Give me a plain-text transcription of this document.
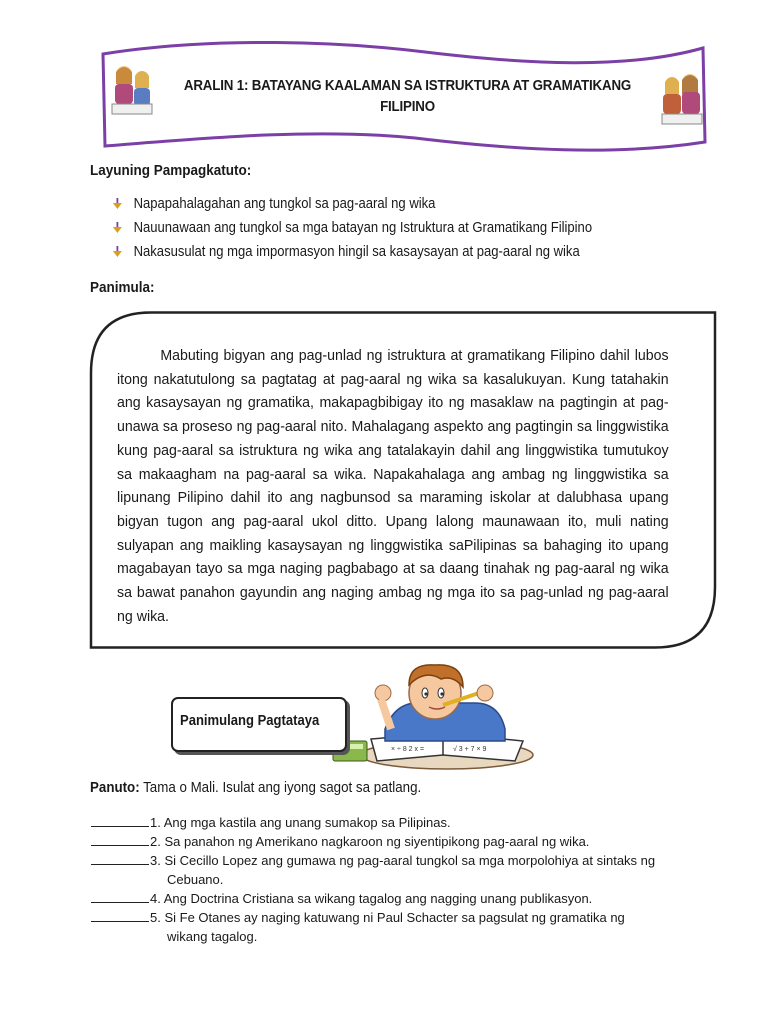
ARALIN 1: BATAYANG KAALAMAN SA ISTRUKTURA AT GRAMATIKANG FILIPINO
Layuning Pampagkatuto:
Napapahalagahan ang tungkol sa pag-aaral ng wika
Nauunawaan ang tungkol sa mga batayan ng Istruktura at Gramatikang Filipino
Nakasusulat ng mga impormasyon hingil sa kasaysayan at pag-aaral ng wika
Panimula:

Mabuting bigyan ang pag-unlad ng istruktura at gramatikang Filipino dahil lubos itong nakatutulong sa pagtatag at pag-aaral ng wika sa kasalukuyan. Kung tatahakin ang kasaysayan ng gramatika, makapagbibigay ito ng masaklaw na pagtingin at pag-unawa sa proseso ng pag-aaral nito. Mahalagang aspekto ang pagtingin sa linggwistika kung pag-aaral sa istruktura ng wika ang tatalakayin dahil ang linggwistika tumutukoy sa makaagham na pag-aaral sa wika. Napakahalaga ang ambag ng linggwistika sa lipunang Pilipino dahil ito ang nagbunsod sa maraming iskolar at dalubhasa upang bigyan tugon ang pag-aaral ukol ditto. Upang lalong maunawaan ito, muli nating sulyapan ang maikling kasaysayan ng linggwistika saPilipinas sa bahaging ito upang magabayan tayo sa mga naging pagbabago at sa daang tinahak ng pag-aaral ng wika sa bawat panahon gayundin ang naging ambag ng mga ito sa pag-unlad ng pag-aaral ng wika.

× ÷ 8 2 x =	√ 3 + 7 × 9
Panimulang Pagtataya
Panuto: Tama o Mali. Isulat ang iyong sagot sa patlang.
1. Ang mga kastila ang unang sumakop sa Pilipinas.
2. Sa panahon ng Amerikano nagkaroon ng siyentipikong pag-aaral ng wika.
3. Si Cecillo Lopez ang gumawa ng pag-aaral tungkol sa mga morpolohiya at sintaks ng
Cebuano.
4. Ang Doctrina Cristiana sa wikang tagalog ang nagging unang publikasyon.
5. Si Fe Otanes ay naging katuwang ni Paul Schacter sa pagsulat ng gramatika ng
wikang tagalog.
